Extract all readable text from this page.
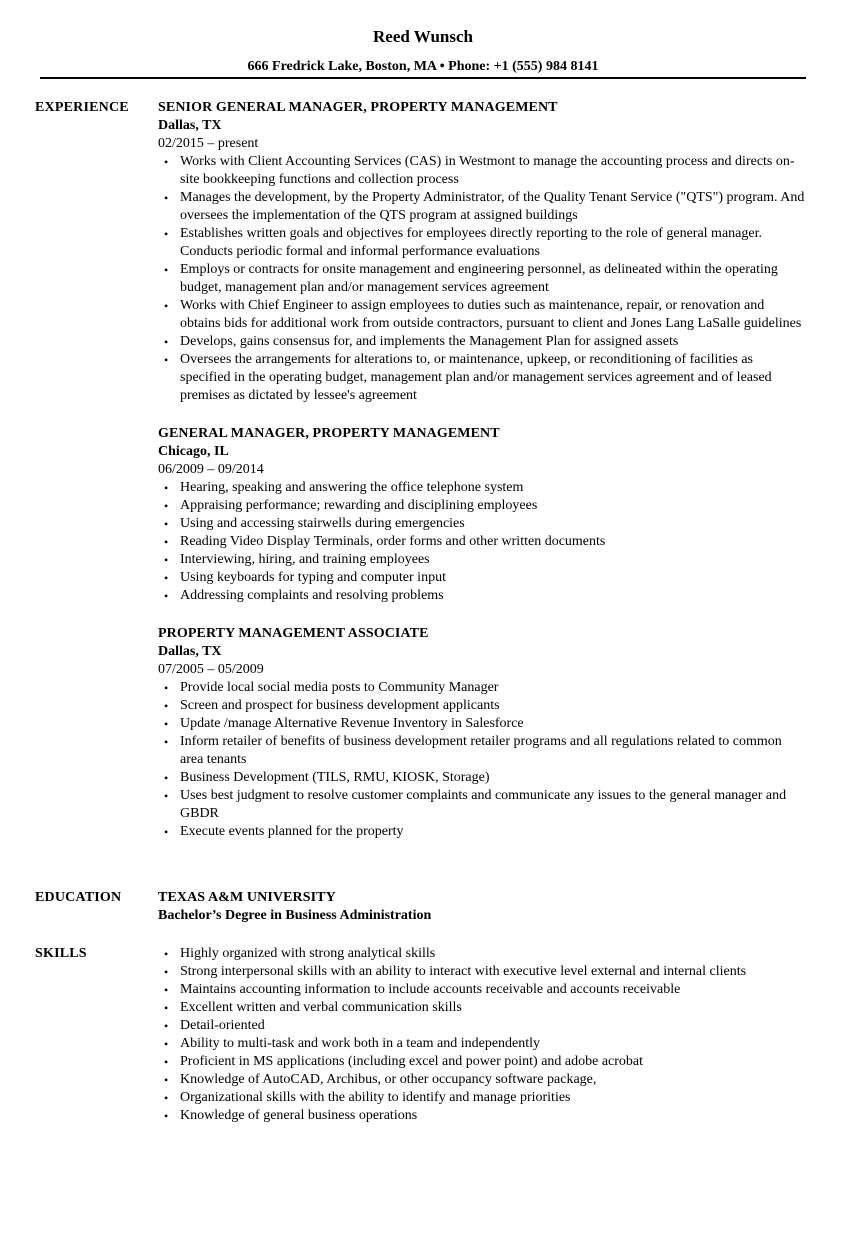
Reed Wunsch
666 Fredrick Lake, Boston, MA • Phone: +1 (555) 984 8141
EXPERIENCE	SENIOR GENERAL MANAGER, PROPERTY MANAGEMENT
Dallas, TX
02/2015 – present
• Works with Client Accounting Services (CAS) in Westmont to manage the accounting process and directs on-site bookkeeping functions and collection process
• Manages the development, by the Property Administrator, of the Quality Tenant Service ("QTS") program. And oversees the implementation of the QTS program at assigned buildings
• Establishes written goals and objectives for employees directly reporting to the role of general manager. Conducts periodic formal and informal performance evaluations
• Employs or contracts for onsite management and engineering personnel, as delineated within the operating budget, management plan and/or management services agreement
• Works with Chief Engineer to assign employees to duties such as maintenance, repair, or renovation and obtains bids for additional work from outside contractors, pursuant to client and Jones Lang LaSalle guidelines
• Develops, gains consensus for, and implements the Management Plan for assigned assets
• Oversees the arrangements for alterations to, or maintenance, upkeep, or reconditioning of facilities as specified in the operating budget, management plan and/or management services agreement and of leased premises as dictated by lessee's agreement
GENERAL MANAGER, PROPERTY MANAGEMENT
Chicago, IL
06/2009 – 09/2014
• Hearing, speaking and answering the office telephone system
• Appraising performance; rewarding and disciplining employees
• Using and accessing stairwells during emergencies
• Reading Video Display Terminals, order forms and other written documents
• Interviewing, hiring, and training employees
• Using keyboards for typing and computer input
• Addressing complaints and resolving problems
PROPERTY MANAGEMENT ASSOCIATE
Dallas, TX
07/2005 – 05/2009
• Provide local social media posts to Community Manager
• Screen and prospect for business development applicants
• Update /manage Alternative Revenue Inventory in Salesforce
• Inform retailer of benefits of business development retailer programs and all regulations related to common area tenants
• Business Development (TILS, RMU, KIOSK, Storage)
• Uses best judgment to resolve customer complaints and communicate any issues to the general manager and GBDR
• Execute events planned for the property
EDUCATION	TEXAS A&M UNIVERSITY
Bachelor’s Degree in Business Administration
SKILLS	• Highly organized with strong analytical skills
• Strong interpersonal skills with an ability to interact with executive level external and internal clients
• Maintains accounting information to include accounts receivable and accounts receivable
• Excellent written and verbal communication skills
• Detail-oriented
• Ability to multi-task and work both in a team and independently
• Proficient in MS applications (including excel and power point) and adobe acrobat
• Knowledge of AutoCAD, Archibus, or other occupancy software package,
• Organizational skills with the ability to identify and manage priorities
• Knowledge of general business operations
